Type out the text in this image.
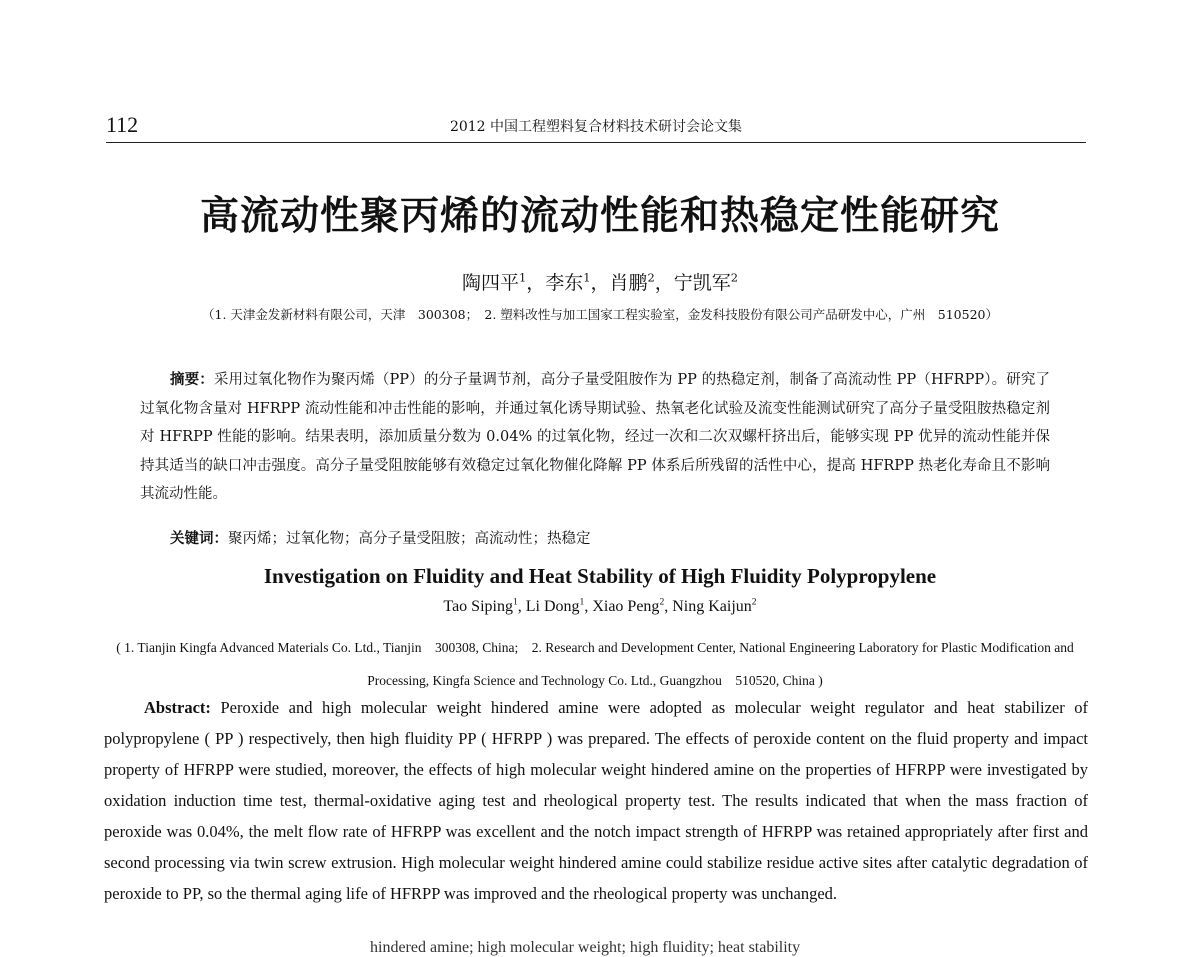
112	2012 中国工程塑料复合材料技术研讨会论文集
高流动性聚丙烯的流动性能和热稳定性能研究
陶四平$^1$，李东$^1$，肖鹏$^2$，宁凯军$^2$
（1. 天津金发新材料有限公司，天津　300308；　2. 塑料改性与加工国家工程实验室，金发科技股份有限公司产品研发中心，广州　510520）
摘要：采用过氧化物作为聚丙烯（PP）的分子量调节剂，高分子量受阻胺作为 PP 的热稳定剂，制备了高流动性 PP（HFRPP）。研究了过氧化物含量对 HFRPP 流动性能和冲击性能的影响，并通过氧化诱导期试验、热氧老化试验及流变性能测试研究了高分子量受阻胺热稳定剂对 HFRPP 性能的影响。结果表明，添加质量分数为 0.04% 的过氧化物，经过一次和二次双螺杆挤出后，能够实现 PP 优异的流动性能并保持其适当的缺口冲击强度。高分子量受阻胺能够有效稳定过氧化物催化降解 PP 体系后所残留的活性中心，提高 HFRPP 热老化寿命且不影响其流动性能。
关键词：聚丙烯；过氧化物；高分子量受阻胺；高流动性；热稳定
Investigation on Fluidity and Heat Stability of High Fluidity Polypropylene
Tao Siping$^1$, Li Dong$^1$, Xiao Peng$^2$, Ning Kaijun$^2$
( 1. Tianjin Kingfa Advanced Materials Co. Ltd., Tianjin　300308, China;　2. Research and Development Center, National Engineering Laboratory for Plastic Modification and Processing, Kingfa Science and Technology Co. Ltd., Guangzhou　510520, China )
Abstract: Peroxide and high molecular weight hindered amine were adopted as molecular weight regulator and heat stabilizer of polypropylene ( PP ) respectively, then high fluidity PP ( HFRPP ) was prepared. The effects of peroxide content on the fluid property and impact property of HFRPP were studied, moreover, the effects of high molecular weight hindered amine on the properties of HFRPP were investigated by oxidation induction time test, thermal-oxidative aging test and rheological property test. The results indicated that when the mass fraction of peroxide was 0.04%, the melt flow rate of HFRPP was excellent and the notch impact strength of HFRPP was retained appropriately after first and second processing via twin screw extrusion. High molecular weight hindered amine could stabilize residue active sites after catalytic degradation of peroxide to PP, so the thermal aging life of HFRPP was improved and the rheological property was unchanged.
hindered amine; high molecular weight; high fluidity; heat stability
